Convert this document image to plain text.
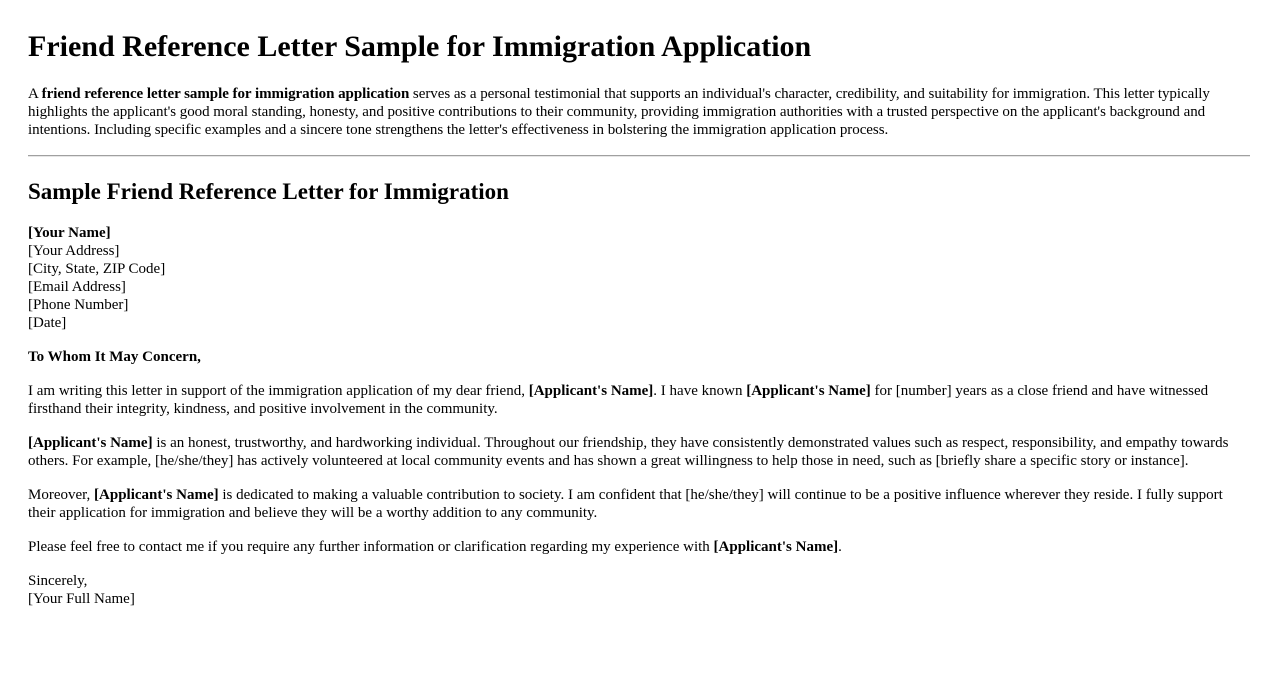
Friend Reference Letter Sample for Immigration Application

A friend reference letter sample for immigration application serves as a personal testimonial that supports an individual's character, credibility, and suitability for immigration. This letter typically highlights the applicant's good moral standing, honesty, and positive contributions to their community, providing immigration authorities with a trusted perspective on the applicant's background and intentions. Including specific examples and a sincere tone strengthens the letter's effectiveness in bolstering the immigration application process.

Sample Friend Reference Letter for Immigration
[Your Name]
[Your Address]
[City, State, ZIP Code]
[Email Address]
[Phone Number]
[Date]

To Whom It May Concern,

I am writing this letter in support of the immigration application of my dear friend, [Applicant's Name]. I have known [Applicant's Name] for [number] years as a close friend and have witnessed firsthand their integrity, kindness, and positive involvement in the community.

[Applicant's Name] is an honest, trustworthy, and hardworking individual. Throughout our friendship, they have consistently demonstrated values such as respect, responsibility, and empathy towards others. For example, [he/she/they] has actively volunteered at local community events and has shown a great willingness to help those in need, such as [briefly share a specific story or instance].

Moreover, [Applicant's Name] is dedicated to making a valuable contribution to society. I am confident that [he/she/they] will continue to be a positive influence wherever they reside. I fully support their application for immigration and believe they will be a worthy addition to any community.

Please feel free to contact me if you require any further information or clarification regarding my experience with [Applicant's Name].

Sincerely,
[Your Full Name]
